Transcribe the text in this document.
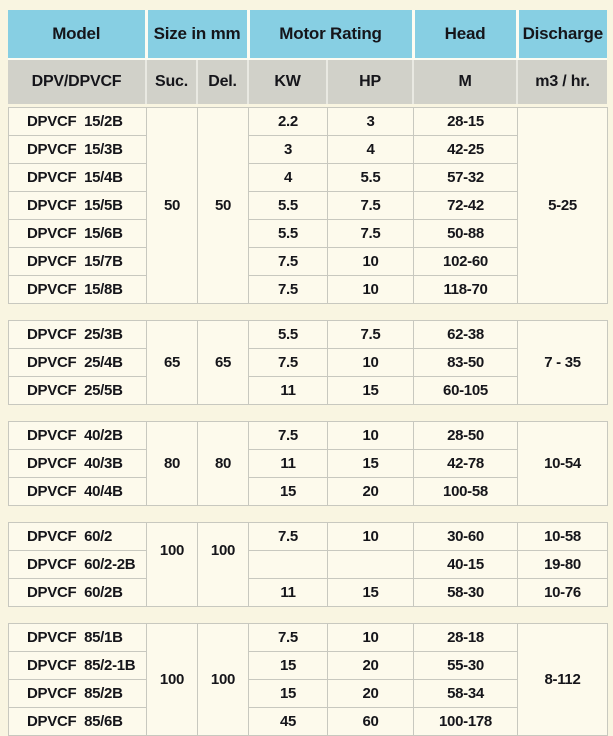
Model	Size in mm		Motor Rating		Head	Discharge
DPV/DPVCF	Suc.	Del.	KW	HP	M	m3 / hr.
DPVCF  15/2B	50	50	2.2	3	28-15	5-25
DPVCF  15/3B			3	4	42-25	
DPVCF  15/4B			4	5.5	57-32	
DPVCF  15/5B			5.5	7.5	72-42	
DPVCF  15/6B			5.5	7.5	50-88	
DPVCF  15/7B			7.5	10	102-60	
DPVCF  15/8B			7.5	10	118-70	
DPVCF  25/3B	65	65	5.5	7.5	62-38	7 - 35
DPVCF  25/4B			7.5	10	83-50	
DPVCF  25/5B			11	15	60-105	
DPVCF  40/2B	80	80	7.5	10	28-50	10-54
DPVCF  40/3B			11	15	42-78	
DPVCF  40/4B			15	20	100-58	
DPVCF  60/2	100	100	7.5	10	30-60	10-58
DPVCF  60/2-2B					40-15	19-80
DPVCF  60/2B			11	15	58-30	10-76
DPVCF  85/1B	100	100	7.5	10	28-18	8-112
DPVCF  85/2-1B			15	20	55-30	
DPVCF  85/2B			15	20	58-34	
DPVCF  85/6B			45	60	100-178	
